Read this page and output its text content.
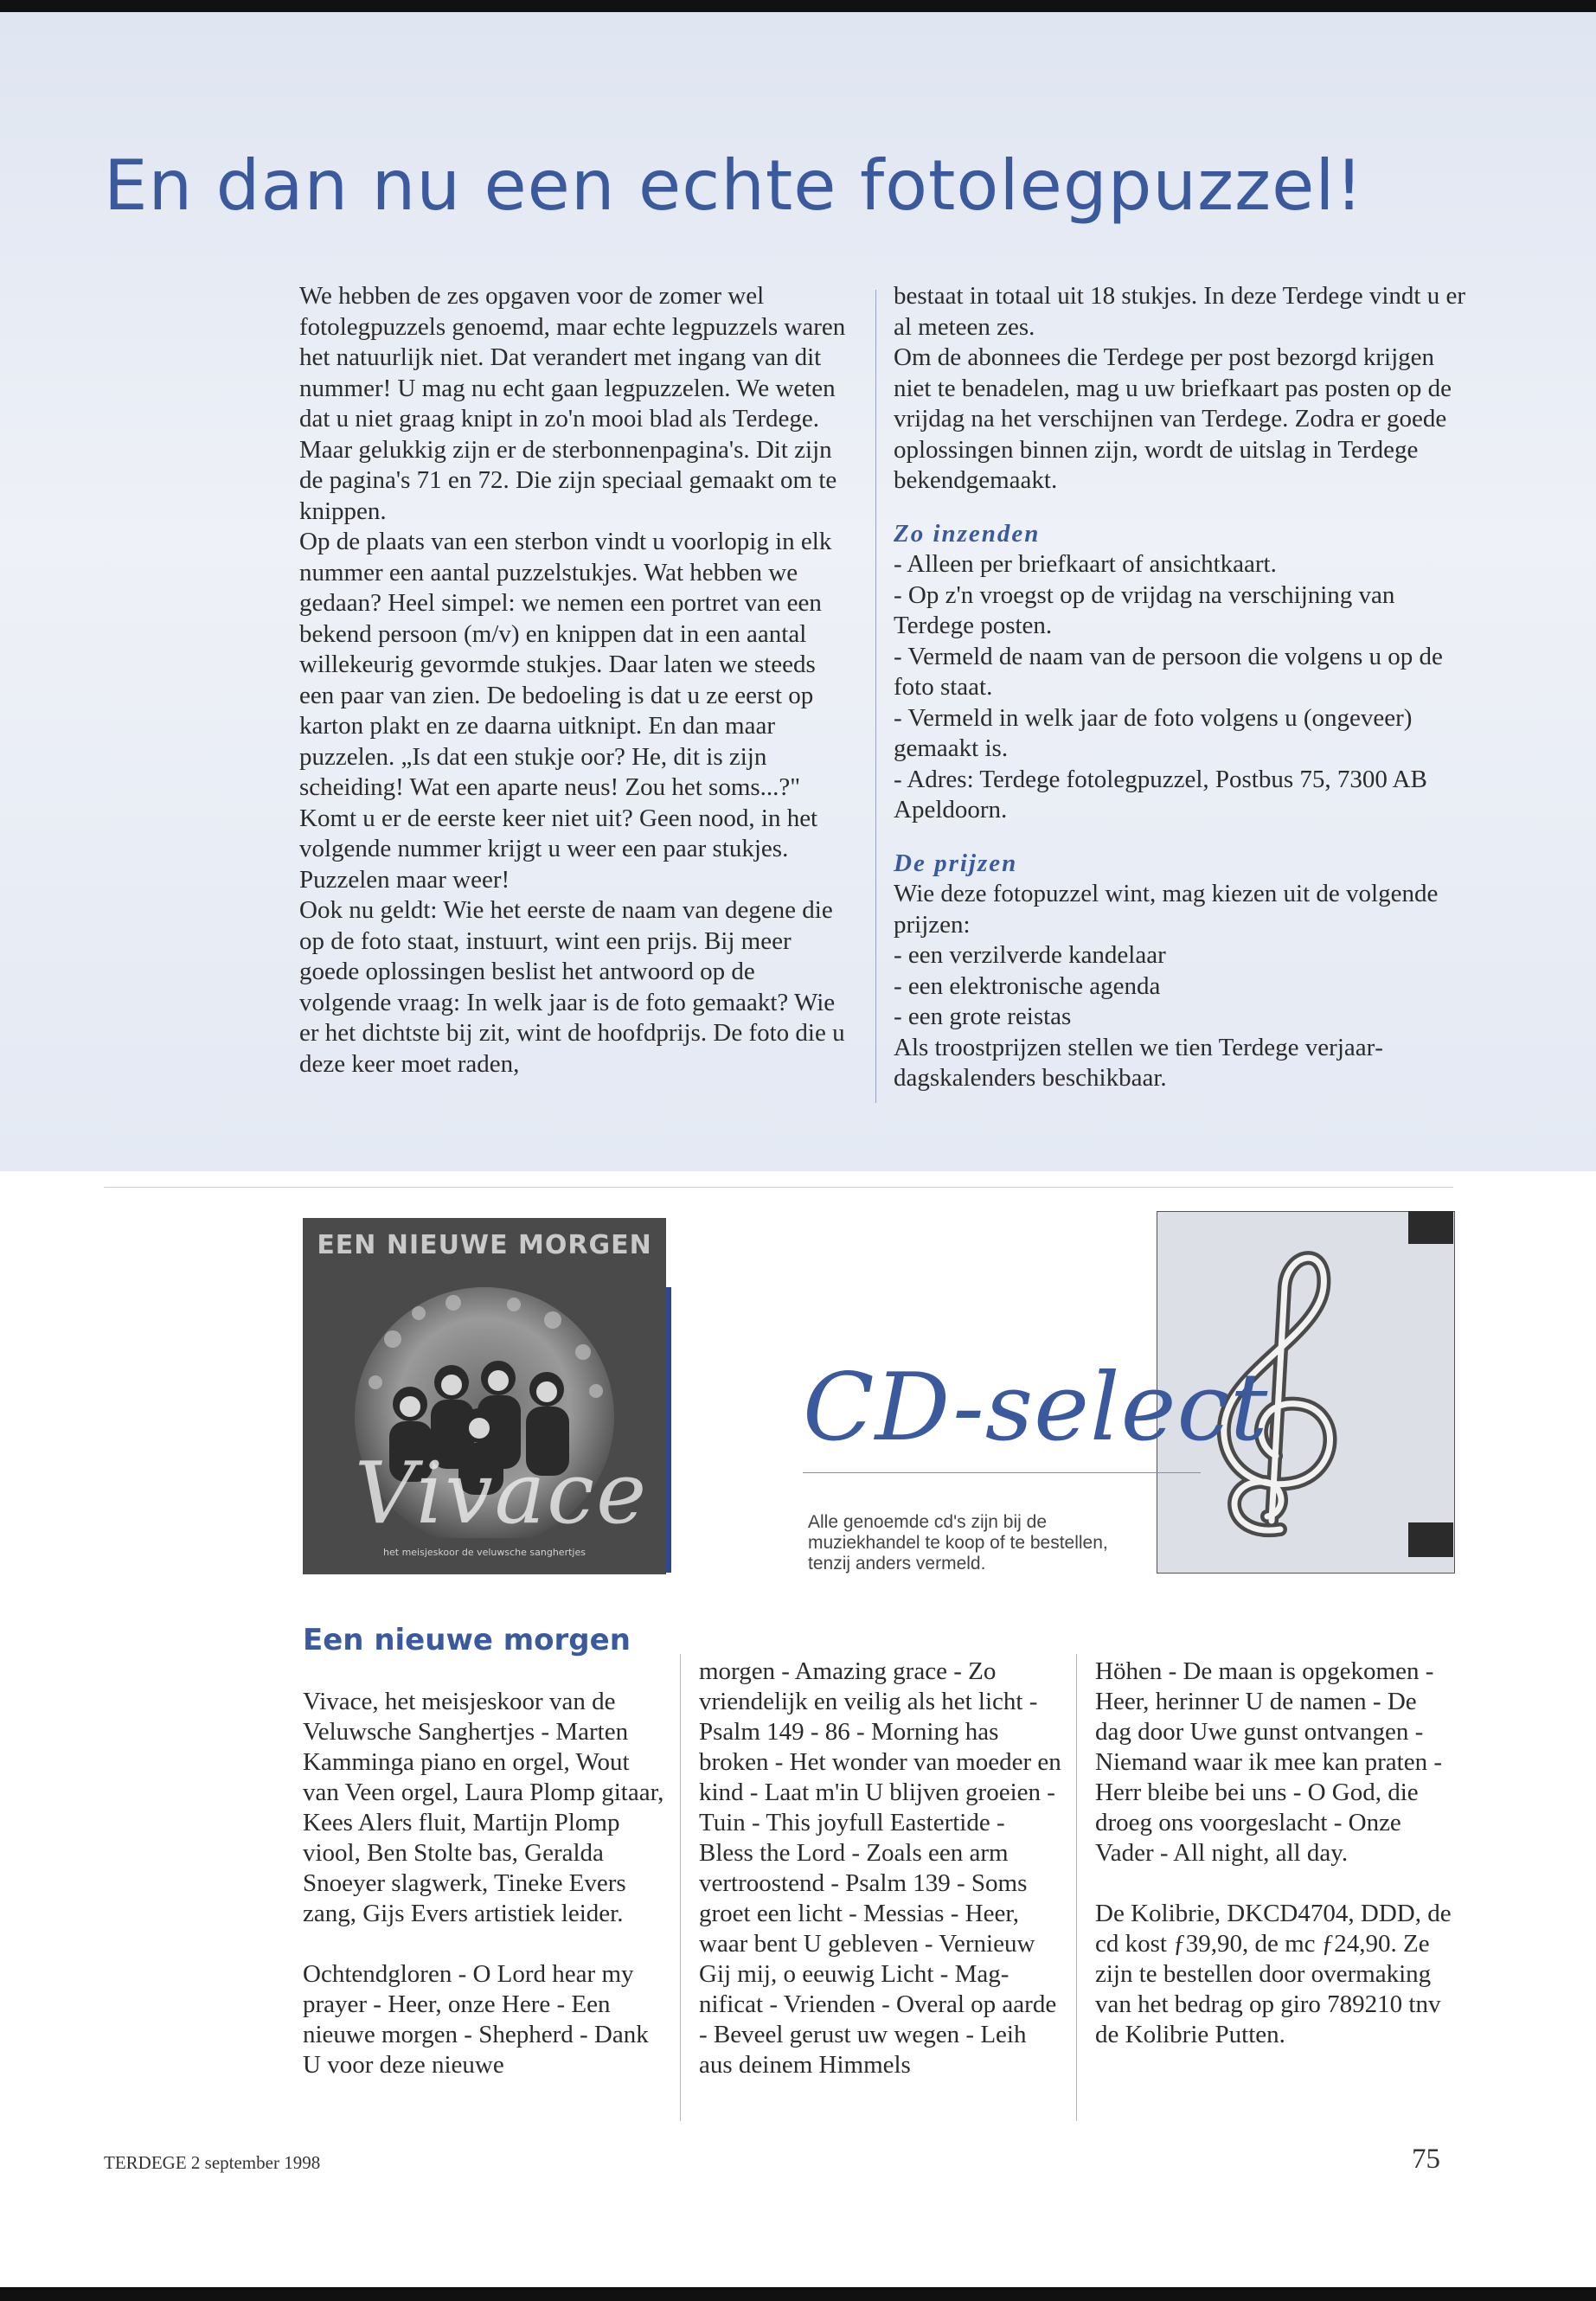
En dan nu een echte fotolegpuzzel!

We hebben de zes opgaven voor de zomer wel fotolegpuzzels genoemd, maar echte legpuzzels waren het natuurlijk niet. Dat verandert met ingang van dit nummer! U mag nu echt gaan legpuzzelen. We weten dat u niet graag knipt in zo'n mooi blad als Terdege. Maar gelukkig zijn er de sterbonnenpagina's. Dit zijn de pagina's 71 en 72. Die zijn speciaal gemaakt om te knippen.

Op de plaats van een sterbon vindt u voorlopig in elk nummer een aantal puzzelstukjes. Wat hebben we gedaan? Heel simpel: we nemen een portret van een bekend persoon (m/v) en knippen dat in een aantal willekeurig gevormde stukjes. Daar laten we steeds een paar van zien. De bedoeling is dat u ze eerst op karton plakt en ze daarna uitknipt. En dan maar puzzelen. „Is dat een stukje oor? He, dit is zijn scheiding! Wat een aparte neus! Zou het soms...?" Komt u er de eerste keer niet uit? Geen nood, in het volgende nummer krijgt u weer een paar stukjes. Puzzelen maar weer!

Ook nu geldt: Wie het eerste de naam van degene die op de foto staat, instuurt, wint een prijs. Bij meer goede oplossingen beslist het antwoord op de volgende vraag: In welk jaar is de foto gemaakt? Wie er het dichtste bij zit, wint de hoofdprijs. De foto die u deze keer moet raden,

bestaat in totaal uit 18 stukjes. In deze Terdege vindt u er al meteen zes.

Om de abonnees die Terdege per post bezorgd krijgen niet te benadelen, mag u uw briefkaart pas posten op de vrijdag na het verschijnen van Terdege. Zodra er goede oplossingen binnen zijn, wordt de uitslag in Terdege bekendgemaakt.

Zo inzenden

- Alleen per briefkaart of ansichtkaart.

- Op z'n vroegst op de vrijdag na verschijning van Terdege posten.

- Vermeld de naam van de persoon die volgens u op de foto staat.

- Vermeld in welk jaar de foto volgens u (ongeveer) gemaakt is.

- Adres: Terdege fotolegpuzzel, Postbus 75, 7300 AB Apeldoorn.

De prijzen

Wie deze fotopuzzel wint, mag kiezen uit de volgende prijzen:

- een verzilverde kandelaar

- een elektronische agenda

- een grote reistas

Als troostprijzen stellen we tien Terdege verjaardagskalenders beschikbaar.

EEN NIEUWE MORGEN
Vivace
het meisjeskoor de veluwsche sanghertjes
CD-select
Alle genoemde cd's zijn bij de muziekhandel te koop of te bestellen, tenzij anders vermeld.
Een nieuwe morgen

Vivace, het meisjeskoor van de Veluwsche Sanghertjes - Marten Kamminga piano en orgel, Wout van Veen orgel, Laura Plomp gitaar, Kees Alers fluit, Martijn Plomp viool, Ben Stolte bas, Geralda Snoeyer slagwerk, Tineke Evers zang, Gijs Evers artistiek leider.

Ochtendgloren - O Lord hear my prayer - Heer, onze Here - Een nieuwe morgen - Shepherd - Dank U voor deze nieuwe

morgen - Amazing grace - Zo vriendelijk en veilig als het licht - Psalm 149 - 86 - Morning has broken - Het wonder van moeder en kind - Laat m'in U blijven groeien - Tuin - This joyfull Eastertide - Bless the Lord - Zoals een arm vertroostend - Psalm 139 - Soms groet een licht - Messias - Heer, waar bent U gebleven - Vernieuw Gij mij, o eeuwig Licht - Magnificat - Vrienden - Overal op aarde - Beveel gerust uw wegen - Leih aus deinem Himmels

Höhen - De maan is opgekomen - Heer, herinner U de namen - De dag door Uwe gunst ontvangen - Niemand waar ik mee kan praten - Herr bleibe bei uns - O God, die droeg ons voorgeslacht - Onze Vader - All night, all day.

De Kolibrie, DKCD4704, DDD, de cd kost ƒ39,90, de mc ƒ24,90. Ze zijn te bestellen door overmaking van het bedrag op giro 789210 tnv de Kolibrie Putten.

TERDEGE 2 september 1998	75
